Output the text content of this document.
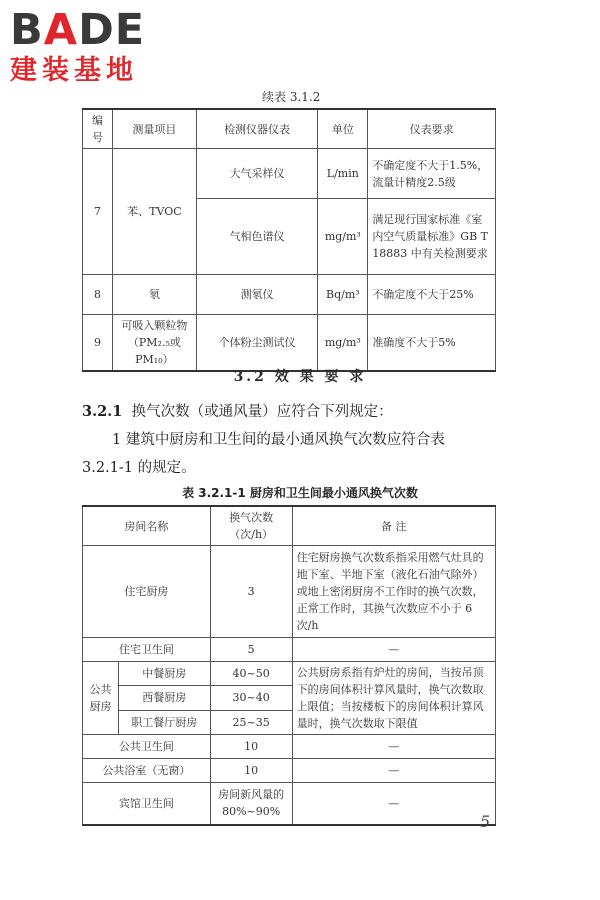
BADE
建装基地
续表 3.1.2
编号	测量项目	检测仪器仪表	单位	仪表要求
7	苯、TVOC	大气采样仪	L/min	不确定度不大于1.5%，流量计精度2.5级
		气相色谱仪	mg/m³	满足现行国家标准《室内空气质量标准》GB T 18883 中有关检测要求
8	氡	测氡仪	Bq/m³	不确定度不大于25%
9	可吸入颗粒物（PM₂.₅或 PM₁₀）	个体粉尘测试仪	mg/m³	准确度不大于5%
3.2 效 果 要 求
3.2.1 换气次数（或通风量）应符合下列规定：
1 建筑中厨房和卫生间的最小通风换气次数应符合表
3.2.1-1 的规定。
表 3.2.1-1 厨房和卫生间最小通风换气次数
房间名称		换气次数（次/h）	备 注
住宅厨房		3	住宅厨房换气次数系指采用燃气灶具的地下室、半地下室（液化石油气除外）或地上密闭厨房不工作时的换气次数，正常工作时，其换气次数应不小于 6 次/h
住宅卫生间		5	—
公共厨房	中餐厨房	40~50	公共厨房系指有炉灶的房间，当按吊顶下的房间体积计算风量时，换气次数取上限值；当按楼板下的房间体积计算风量时，换气次数取下限值
	西餐厨房	30~40	
	职工餐厅厨房	25~35	
公共卫生间		10	—
公共浴室（无窗）		10	—
宾馆卫生间		房间新风量的80%~90%	—
5
